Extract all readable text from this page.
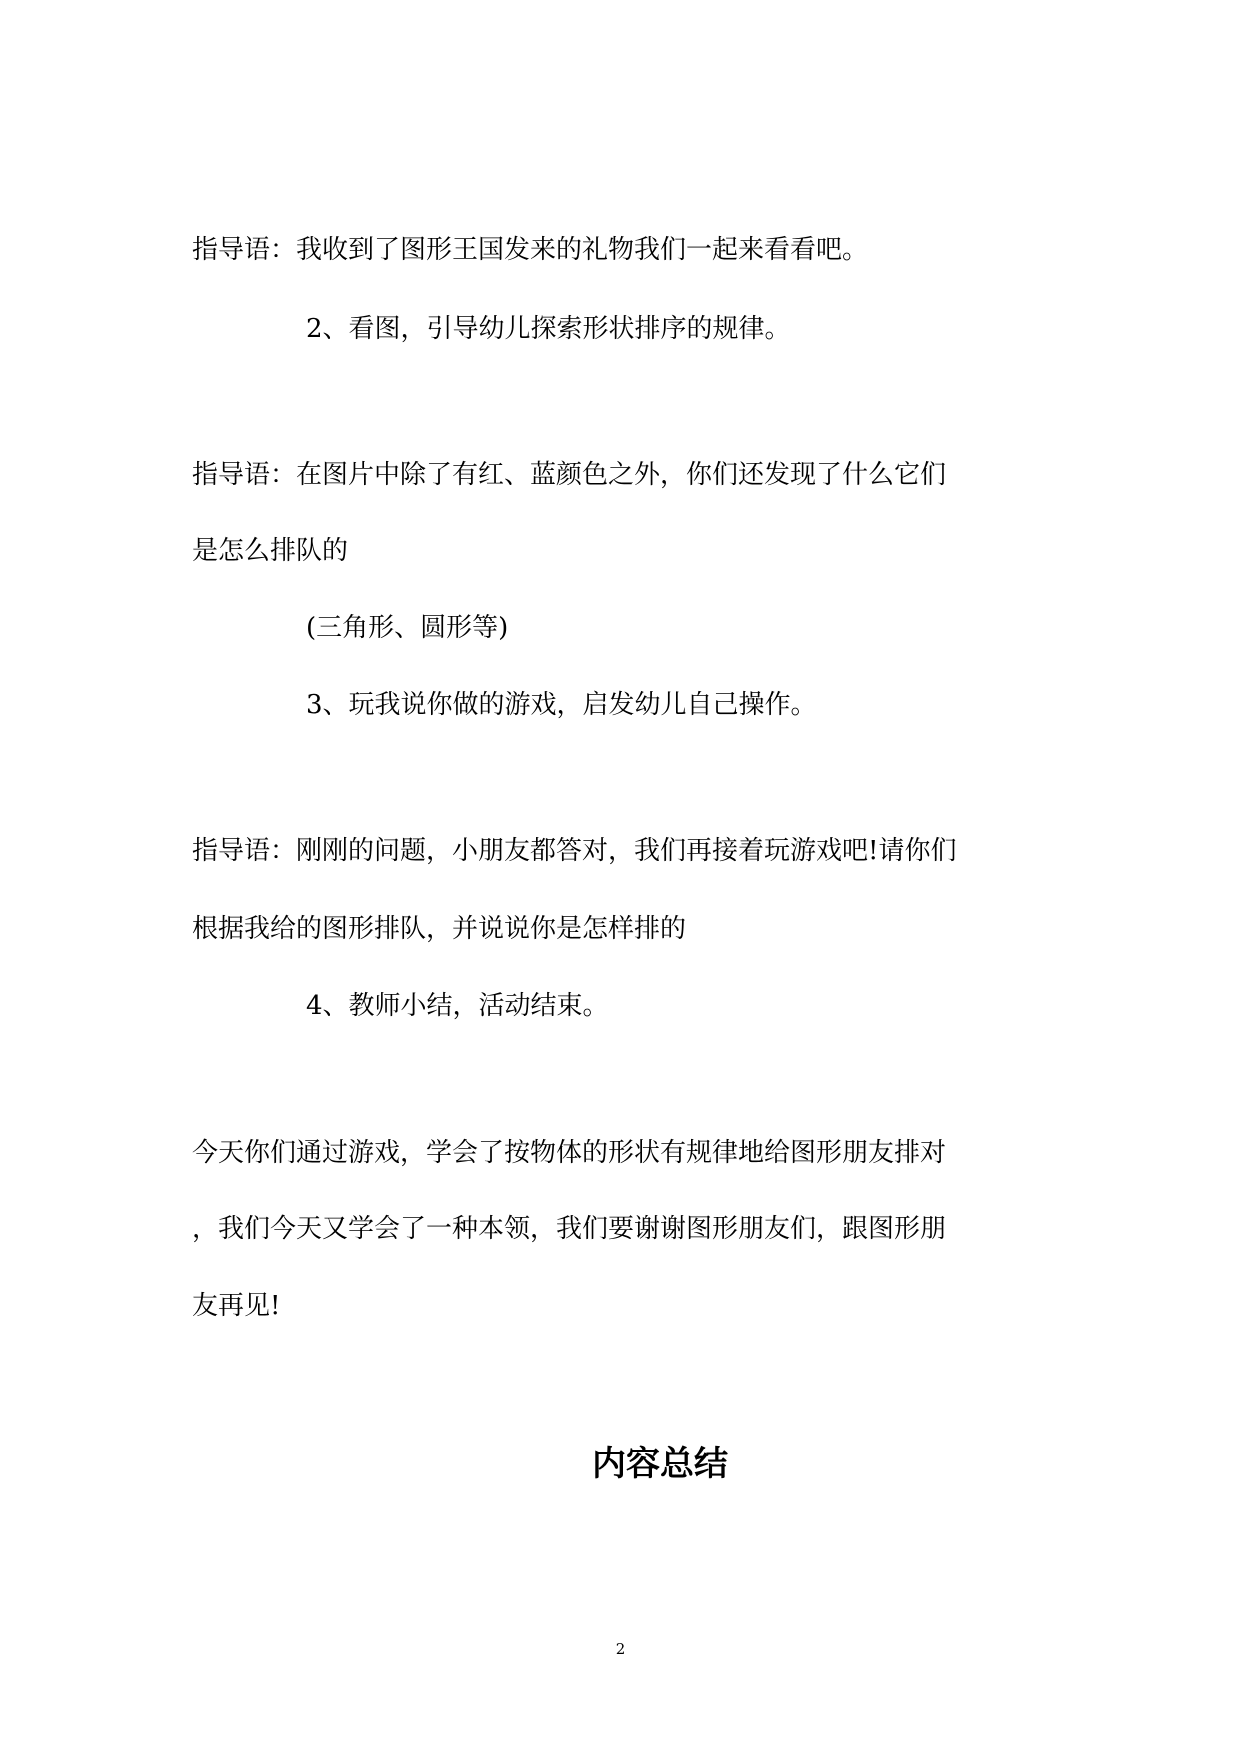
指导语：我收到了图形王国发来的礼物我们一起来看看吧。
2、看图，引导幼儿探索形状排序的规律。
指导语：在图片中除了有红、蓝颜色之外，你们还发现了什么它们
是怎么排队的
(三角形、圆形等)
3、玩我说你做的游戏，启发幼儿自己操作。
指导语：刚刚的问题，小朋友都答对，我们再接着玩游戏吧!请你们
根据我给的图形排队，并说说你是怎样排的
4、教师小结，活动结束。
今天你们通过游戏，学会了按物体的形状有规律地给图形朋友排对
，我们今天又学会了一种本领，我们要谢谢图形朋友们，跟图形朋
友再见!
内容总结
2
